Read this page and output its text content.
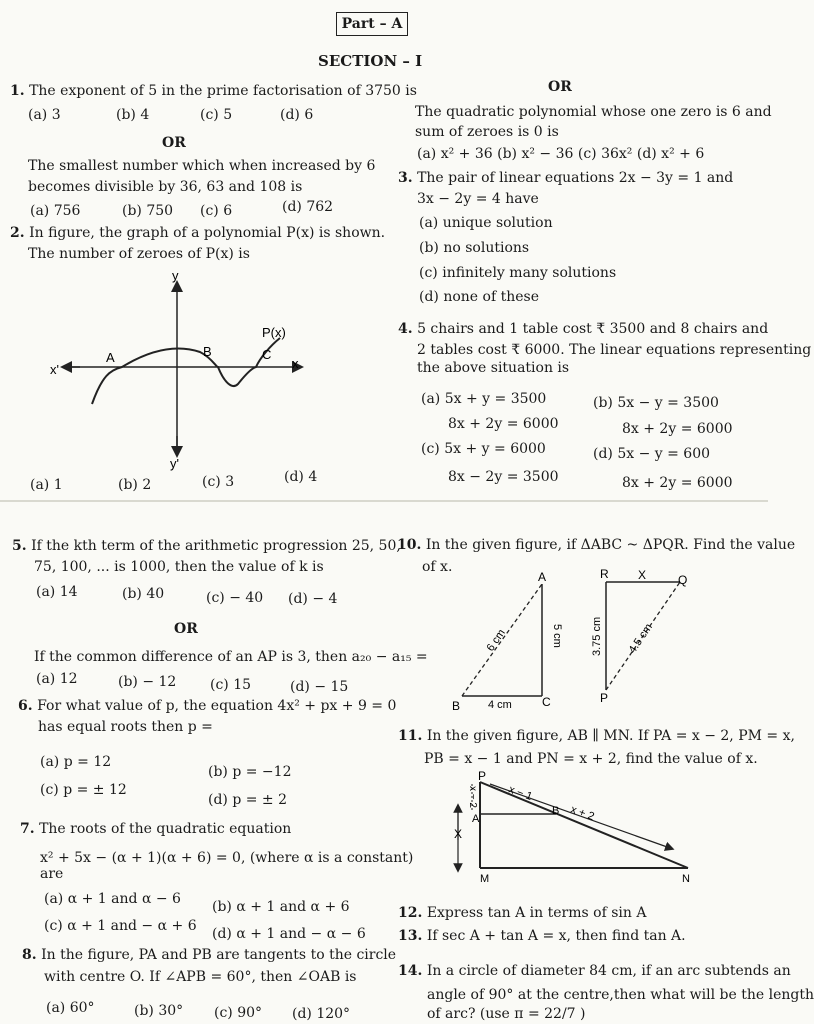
Part – A
SECTION – I
1. The exponent of 5 in the prime factorisation of 3750 is
(a) 3	(b) 4	(c) 5	(d) 6
OR
The smallest number which when increased by 6
becomes divisible by 36, 63 and 108 is
(a) 756	(b) 750 (c) 6	(d) 762
2. In figure, the graph of a polynomial P(x) is shown.
The number of zeroes of P(x) is
y
y'
x
x'
A	B	C
P(x)
(a) 1	(b) 2	(c) 3	(d) 4
OR
The quadratic polynomial whose one zero is 6 and
sum of zeroes is 0 is
(a) x² + 36 (b) x² − 36 (c) 36x² (d) x² + 6
3. The pair of linear equations 2x − 3y = 1 and
3x − 2y = 4 have
(a) unique solution
(b) no solutions
(c) infinitely many solutions
(d) none of these
4. 5 chairs and 1 table cost ₹ 3500 and 8 chairs and
2 tables cost ₹ 6000. The linear equations representing
the above situation is
(a) 5x + y = 3500
8x + 2y = 6000
(b) 5x − y = 3500
8x + 2y = 6000
(c) 5x + y = 6000
8x − 2y = 3500
(d) 5x − y = 600
8x + 2y = 6000
5. If the kth term of the arithmetic progression 25, 50,
75, 100, ... is 1000, then the value of k is
(a) 14	(b) 40	(c) − 40 (d) − 4
OR
If the common difference of an AP is 3, then a₂₀ − a₁₅ =
(a) 12	(b) − 12 (c) 15	(d) − 15
6. For what value of p, the equation 4x² + px + 9 = 0
has equal roots then p =
(a) p = 12
(b) p = −12
(c) p = ± 12
(d) p = ± 2
7. The roots of the quadratic equation
x² + 5x − (α + 1)(α + 6) = 0, (where α is a constant)
are
(a) α + 1 and α − 6 (b) α + 1 and α + 6
(c) α + 1 and − α + 6 (d) α + 1 and − α − 6
8. In the figure, PA and PB are tangents to the circle
with centre O. If ∠APB = 60°, then ∠OAB is
(a) 60°	(b) 30° (c) 90° (d) 120°
10. In the given figure, if ΔABC ~ ΔPQR. Find the value
of x.
A
B	C
R	Q
P
X
6 cm	5 cm
4 cm
3.75 cm 4.5 cm
11. In the given figure, AB ∥ MN. If PA = x − 2, PM = x,
PB = x − 1 and PN = x + 2, find the value of x.
P
A
B
M	N
X
x − 1
x + 2
x − 2
12. Express tan A in terms of sin A
13. If sec A + tan A = x, then find tan A.
14. In a circle of diameter 84 cm, if an arc subtends an
angle of 90° at the centre,then what will be the length
of arc? (use π = 22/7 )
